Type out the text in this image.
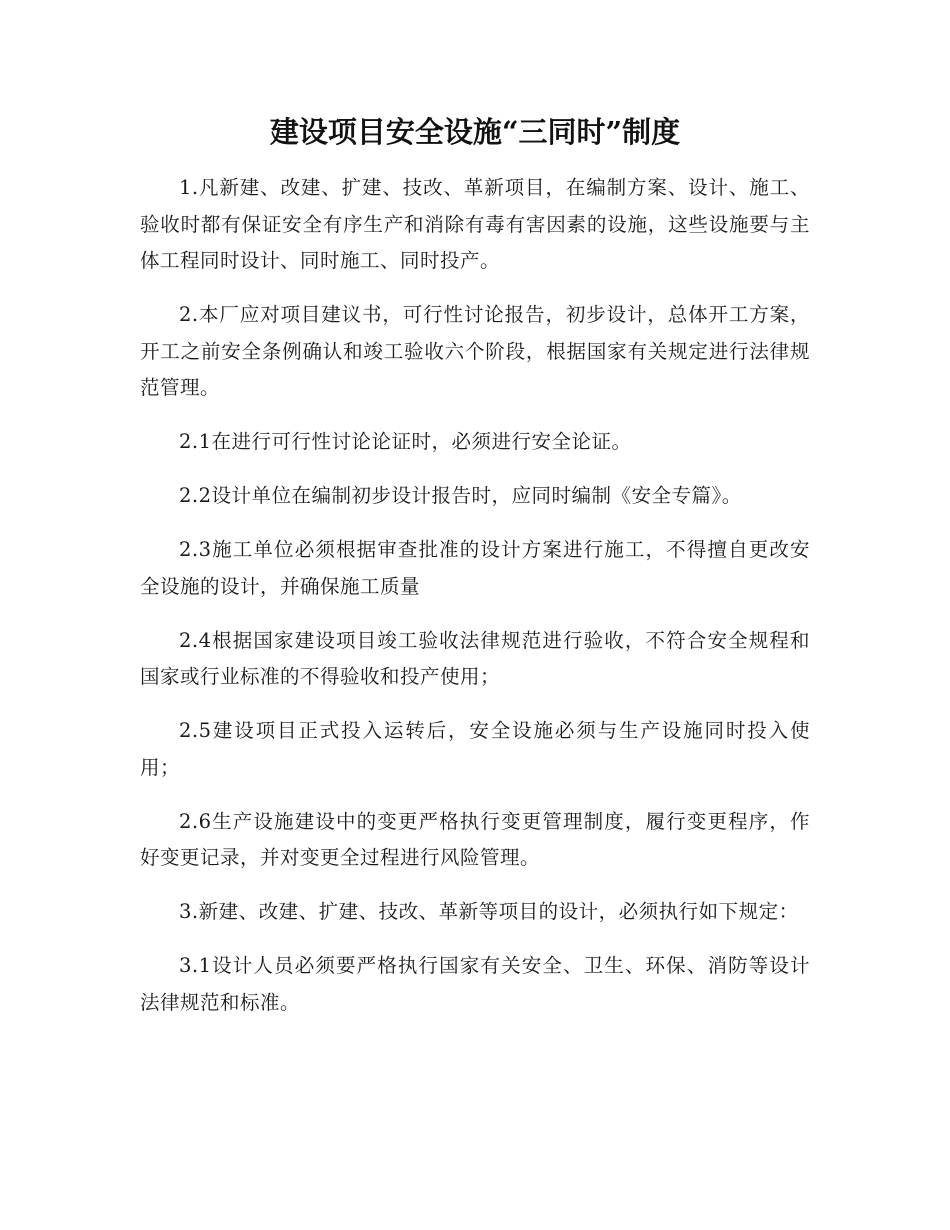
建设项目安全设施“三同时”制度

1.凡新建、改建、扩建、技改、革新项目，在编制方案、设计、施工、验收时都有保证安全有序生产和消除有毒有害因素的设施，这些设施要与主体工程同时设计、同时施工、同时投产。

2.本厂应对项目建议书，可行性讨论报告，初步设计，总体开工方案，开工之前安全条例确认和竣工验收六个阶段，根据国家有关规定进行法律规范管理。

2.1在进行可行性讨论论证时，必须进行安全论证。

2.2设计单位在编制初步设计报告时，应同时编制《安全专篇》。

2.3施工单位必须根据审查批准的设计方案进行施工，不得擅自更改安全设施的设计，并确保施工质量

2.4根据国家建设项目竣工验收法律规范进行验收，不符合安全规程和国家或行业标准的不得验收和投产使用；

2.5建设项目正式投入运转后，安全设施必须与生产设施同时投入使用；

2.6生产设施建设中的变更严格执行变更管理制度，履行变更程序，作好变更记录，并对变更全过程进行风险管理。

3.新建、改建、扩建、技改、革新等项目的设计，必须执行如下规定：

3.1设计人员必须要严格执行国家有关安全、卫生、环保、消防等设计法律规范和标准。
